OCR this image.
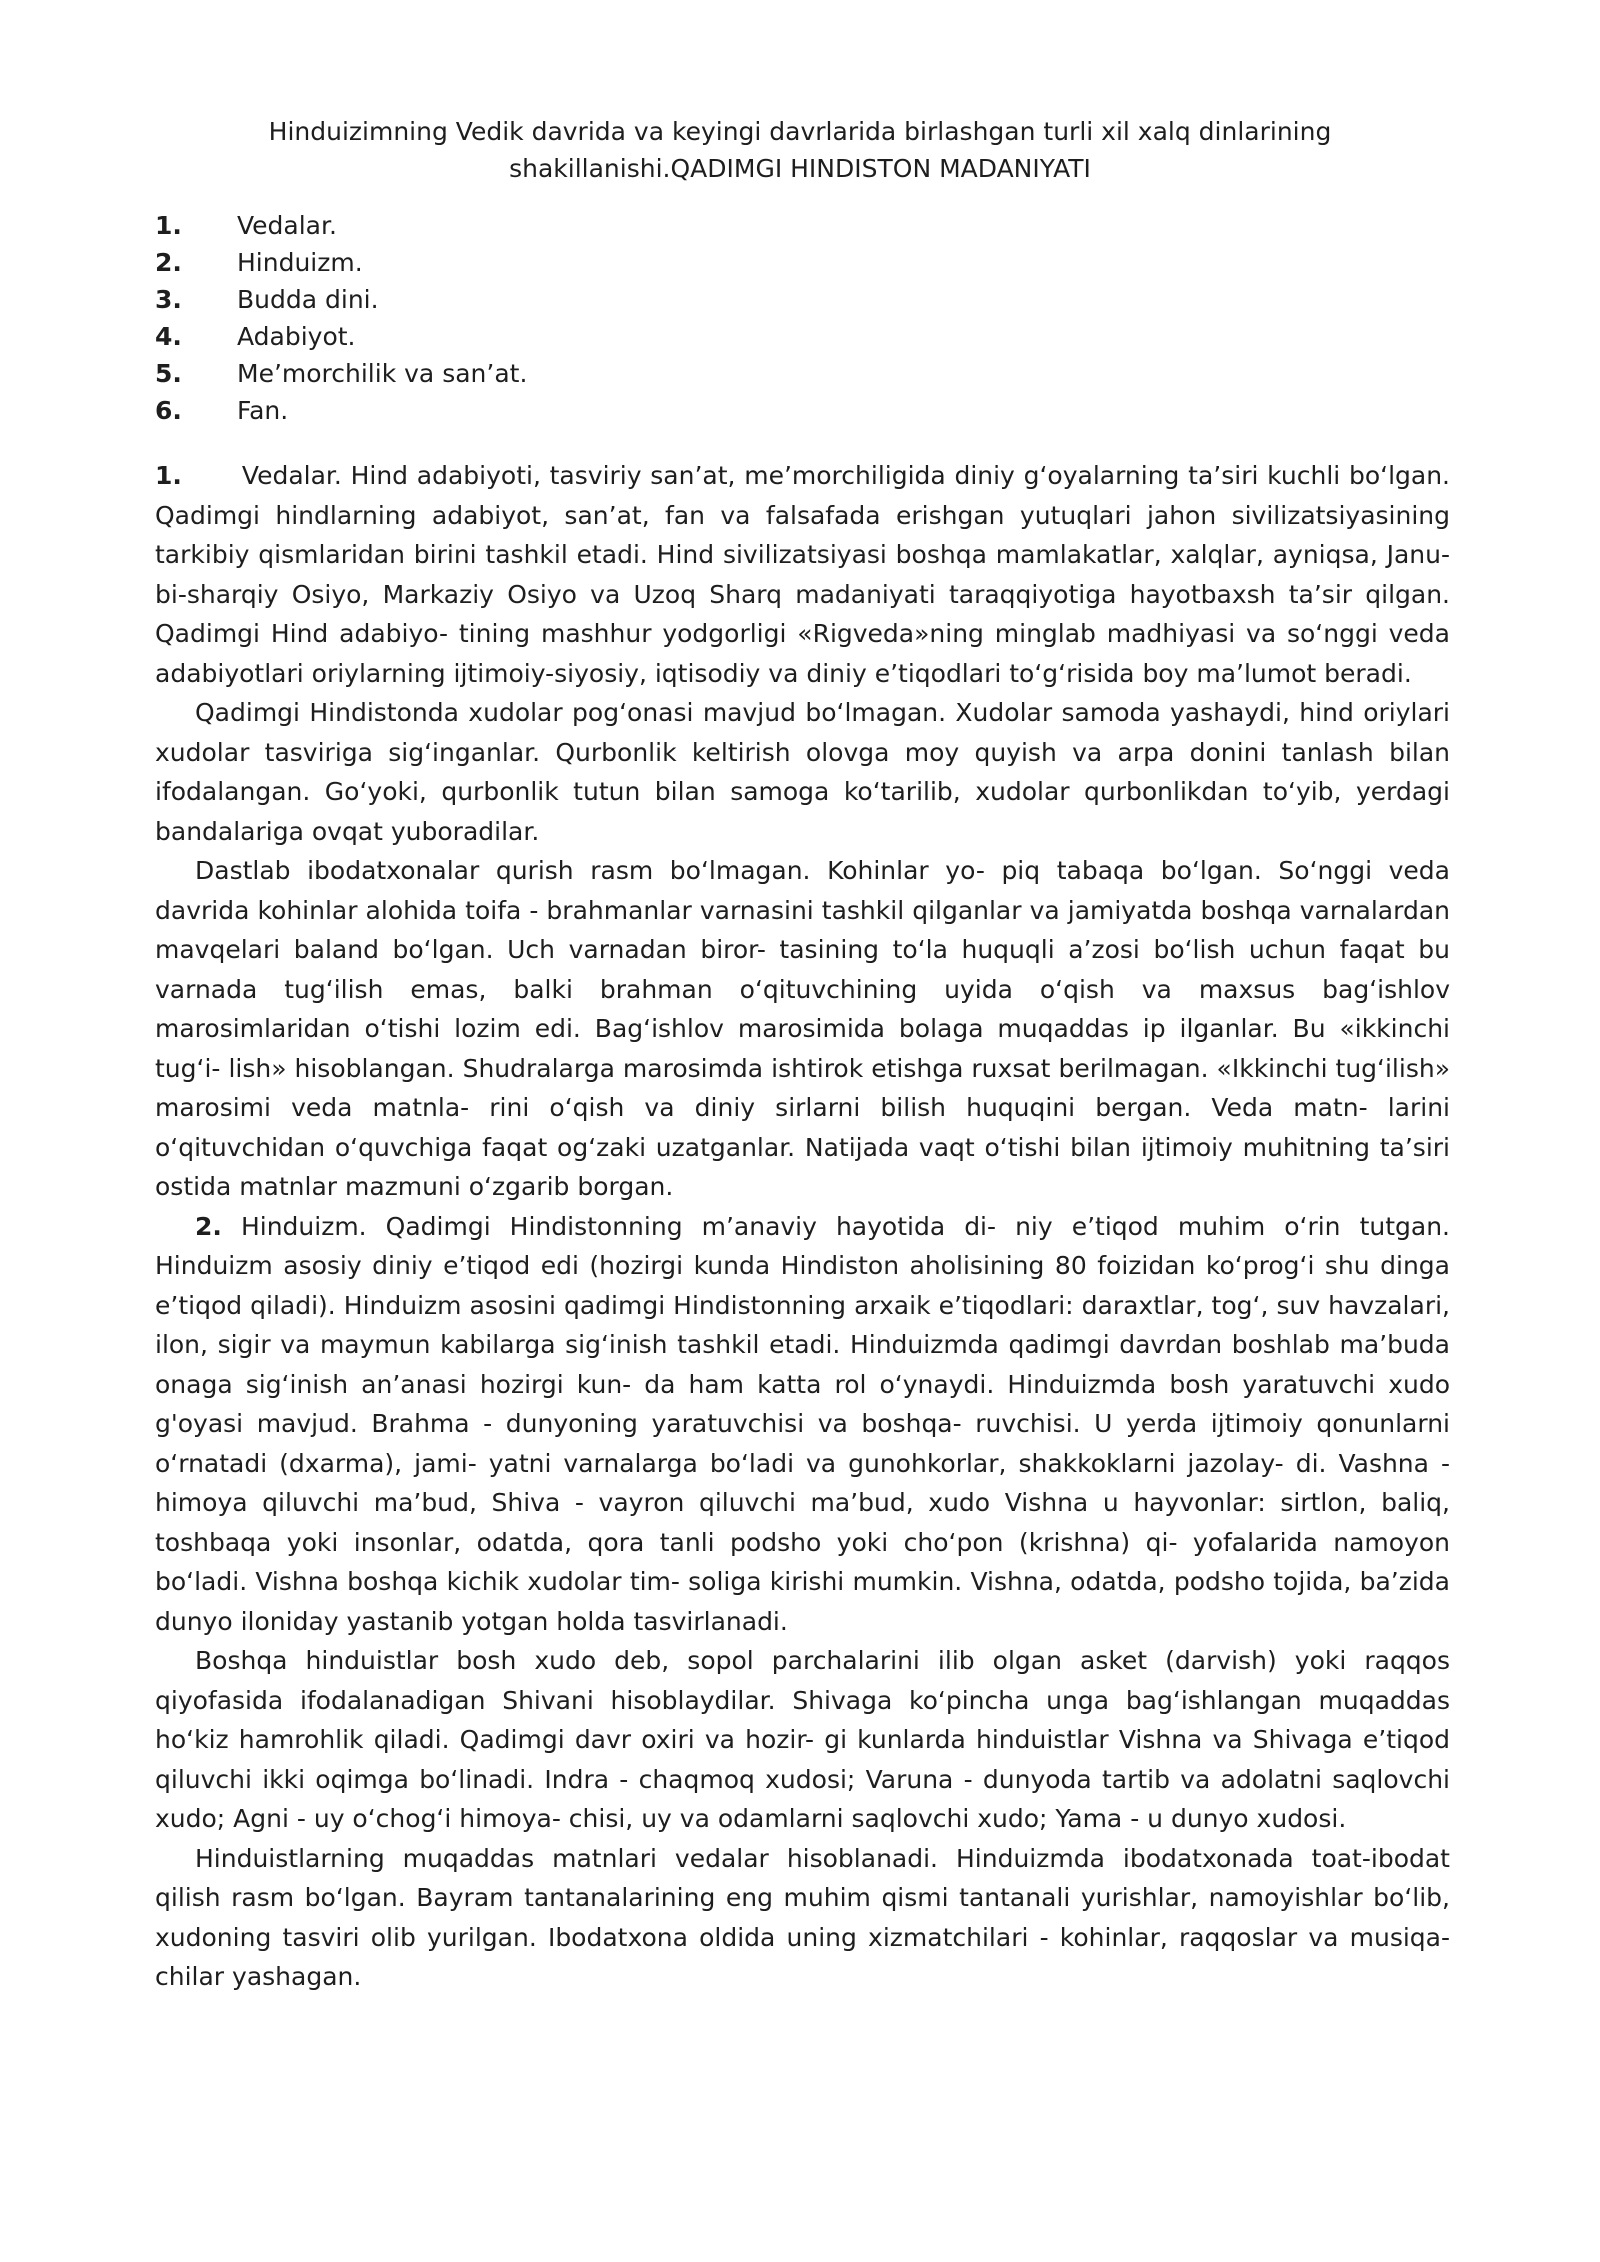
Hinduizimning Vedik davrida va keyingi davrlarida birlashgan turli xil xalq dinlarining
shakillanishi.QADIMGI HINDISTON MADANIYATI
1.	Vedalar.
2.	Hinduizm.
3.	Budda dini.
4.	Adabiyot.
5.	Me’morchilik va san’at.
6.	Fan.

1. Vedalar. Hind adabiyoti, tasviriy san’at, me’morchiligida diniy g‘oyalarning ta’siri kuchli bo‘lgan. Qadimgi hindlarning adabiyot, san’at, fan va falsafada erishgan yutuqlari jahon sivilizatsiyasining tarkibiy qismlaridan birini tashkil etadi. Hind sivilizatsiyasi boshqa mamlakatlar, xalqlar, ayniqsa, Janu- bi-sharqiy Osiyo, Markaziy Osiyo va Uzoq Sharq madaniyati taraqqiyotiga hayotbaxsh ta’sir qilgan. Qadimgi Hind adabiyo- tining mashhur yodgorligi «Rigveda»ning minglab madhiyasi va so‘nggi veda adabiyotlari oriylarning ijtimoiy-siyosiy, iqtisodiy va diniy e’tiqodlari to‘g‘risida boy ma’lumot beradi.

Qadimgi Hindistonda xudolar pog‘onasi mavjud bo‘lmagan. Xudolar samoda yashaydi, hind oriylari xudolar tasviriga sig‘inganlar. Qurbonlik keltirish olovga moy quyish va arpa donini tanlash bilan ifodalangan. Go‘yoki, qurbonlik tutun bilan samoga ko‘tarilib, xudolar qurbonlikdan to‘yib, yerdagi bandalariga ovqat yuboradilar.

Dastlab ibodatxonalar qurish rasm bo‘lmagan. Kohinlar yo- piq tabaqa bo‘lgan. So‘nggi veda davrida kohinlar alohida toifa - brahmanlar varnasini tashkil qilganlar va jamiyatda boshqa varnalardan mavqelari baland bo‘lgan. Uch varnadan biror- tasining to‘la huquqli a’zosi bo‘lish uchun faqat bu varnada tug‘ilish emas, balki brahman o‘qituvchining uyida o‘qish va maxsus bag‘ishlov marosimlaridan o‘tishi lozim edi. Bag‘ishlov marosimida bolaga muqaddas ip ilganlar. Bu «ikkinchi tug‘i- lish» hisoblangan. Shudralarga marosimda ishtirok etishga ruxsat berilmagan. «Ikkinchi tug‘ilish» marosimi veda matnla- rini o‘qish va diniy sirlarni bilish huquqini bergan. Veda matn- larini o‘qituvchidan o‘quvchiga faqat og‘zaki uzatganlar. Natijada vaqt o‘tishi bilan ijtimoiy muhitning ta’siri ostida matnlar mazmuni o‘zgarib borgan.

2. Hinduizm. Qadimgi Hindistonning m’anaviy hayotida di- niy e’tiqod muhim o‘rin tutgan. Hinduizm asosiy diniy e’tiqod edi (hozirgi kunda Hindiston aholisining 80 foizidan ko‘prog‘i shu dinga e’tiqod qiladi). Hinduizm asosini qadimgi Hindistonning arxaik e’tiqodlari: daraxtlar, tog‘, suv havzalari, ilon, sigir va maymun kabilarga sig‘inish tashkil etadi. Hinduizmda qadimgi davrdan boshlab ma’buda onaga sig‘inish an’anasi hozirgi kun- da ham katta rol o‘ynaydi. Hinduizmda bosh yaratuvchi xudo g'oyasi mavjud. Brahma - dunyoning yaratuvchisi va boshqa- ruvchisi. U yerda ijtimoiy qonunlarni o‘rnatadi (dxarma), jami- yatni varnalarga bo‘ladi va gunohkorlar, shakkoklarni jazolay- di. Vashna - himoya qiluvchi ma’bud, Shiva - vayron qiluvchi ma’bud, xudo Vishna u hayvonlar: sirtlon, baliq, toshbaqa yoki insonlar, odatda, qora tanli podsho yoki cho‘pon (krishna) qi- yofalarida namoyon bo‘ladi. Vishna boshqa kichik xudolar tim- soliga kirishi mumkin. Vishna, odatda, podsho tojida, ba’zida dunyo iloniday yastanib yotgan holda tasvirlanadi.

Boshqa hinduistlar bosh xudo deb, sopol parchalarini ilib olgan asket (darvish) yoki raqqos qiyofasida ifodalanadigan Shivani hisoblaydilar. Shivaga ko‘pincha unga bag‘ishlangan muqaddas ho‘kiz hamrohlik qiladi. Qadimgi davr oxiri va hozir- gi kunlarda hinduistlar Vishna va Shivaga e’tiqod qiluvchi ikki oqimga bo‘linadi. Indra - chaqmoq xudosi; Varuna - dunyoda tartib va adolatni saqlovchi xudo; Agni - uy o‘chog‘i himoya- chisi, uy va odamlarni saqlovchi xudo; Yama - u dunyo xudosi.

Hinduistlarning muqaddas matnlari vedalar hisoblanadi. Hinduizmda ibodatxonada toat-ibodat qilish rasm bo‘lgan. Bayram tantanalarining eng muhim qismi tantanali yurishlar, namoyishlar bo‘lib, xudoning tasviri olib yurilgan. Ibodatxona oldida uning xizmatchilari - kohinlar, raqqoslar va musiqa- chilar yashagan.
